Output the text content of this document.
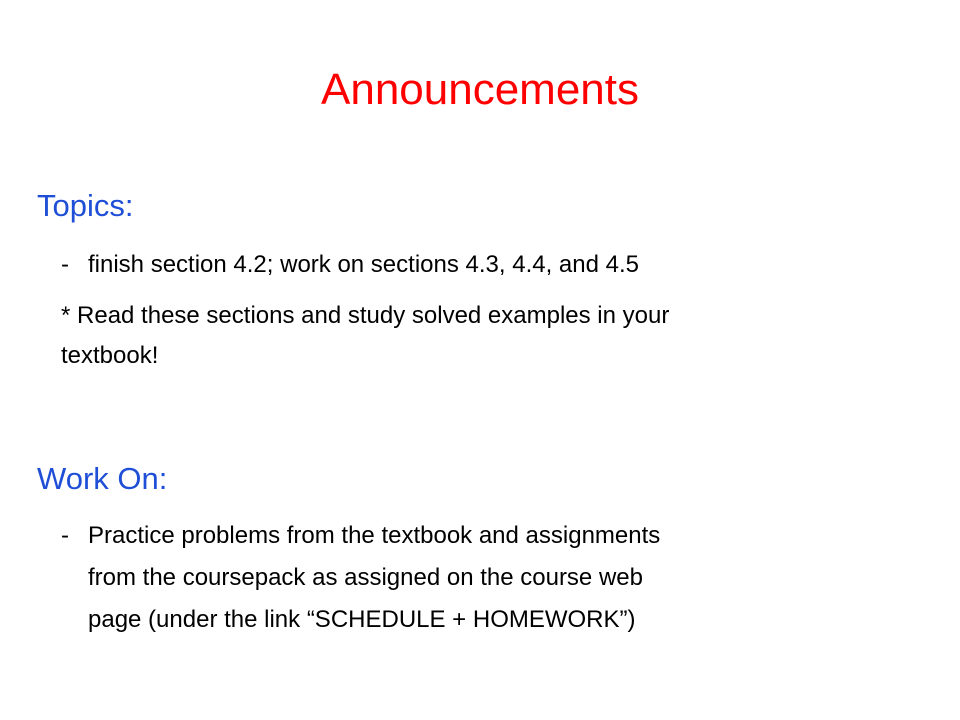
Announcements
Topics:
- finish section 4.2; work on sections 4.3, 4.4, and 4.5
* Read these sections and study solved examples in your
textbook!
Work On:
- Practice problems from the textbook and assignments
from the coursepack as assigned on the course web
page (under the link “SCHEDULE + HOMEWORK”)
